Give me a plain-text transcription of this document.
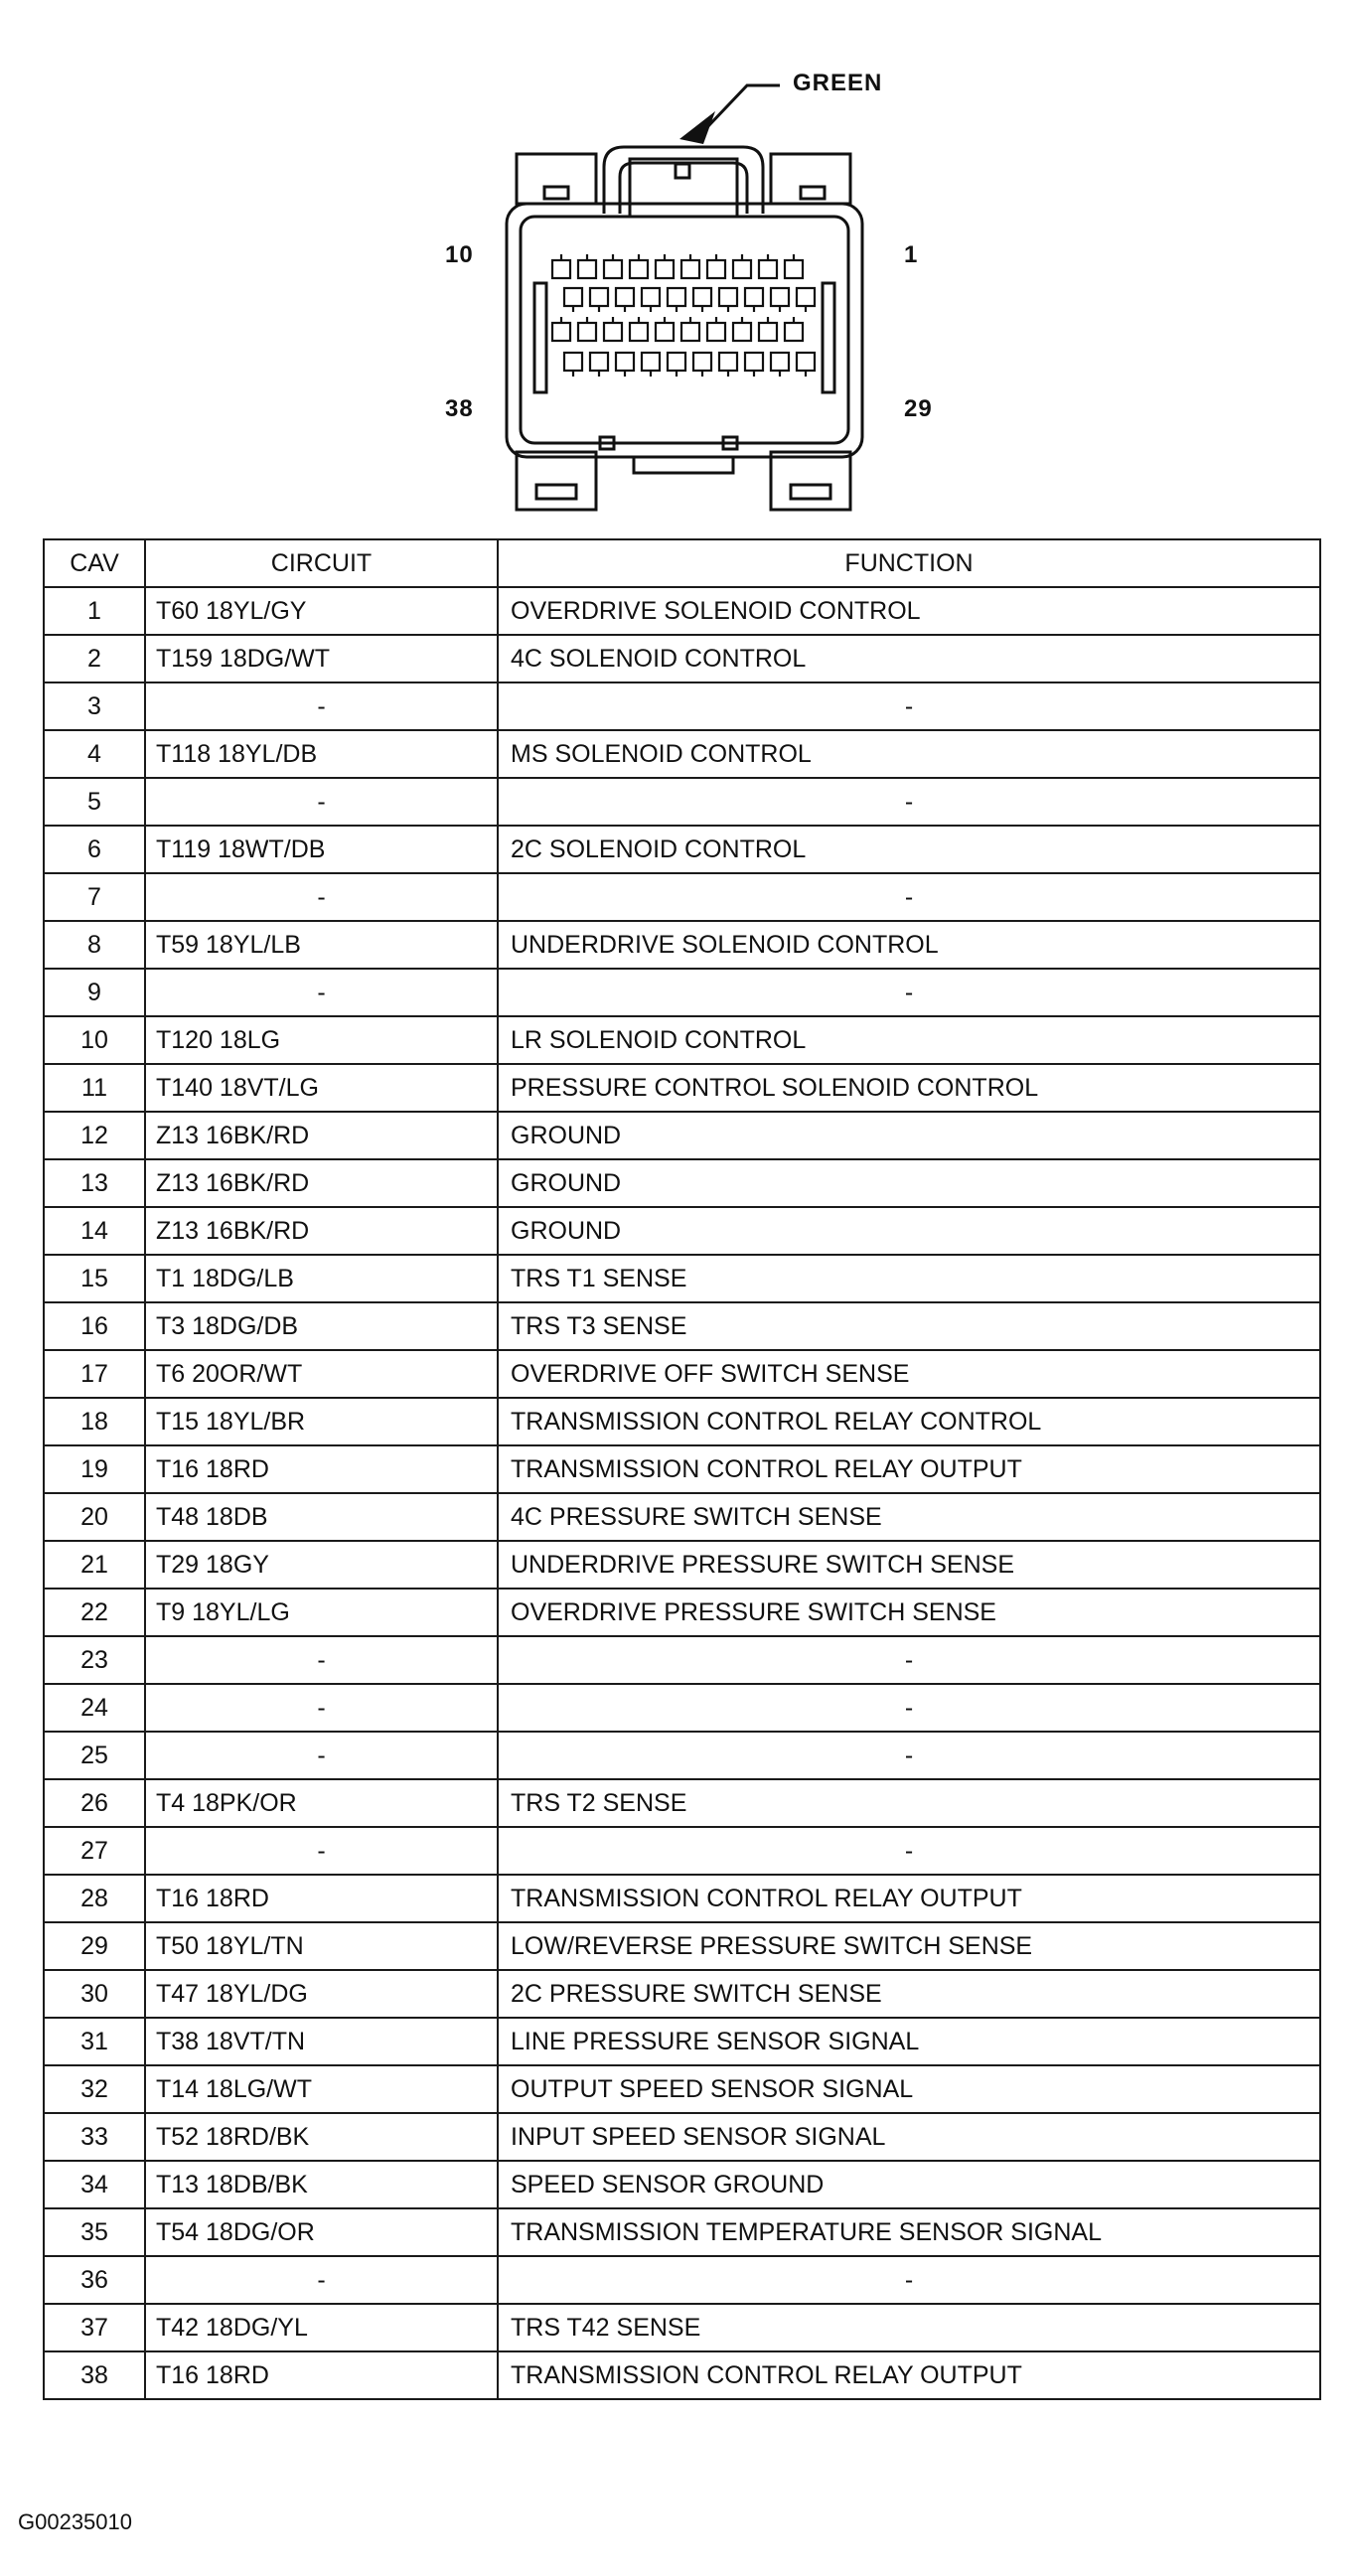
GREEN
10	1
38	29
CAV	CIRCUIT	FUNCTION
1	T60 18YL/GY	OVERDRIVE SOLENOID CONTROL
2	T159 18DG/WT	4C SOLENOID CONTROL
3	-	-
4	T118 18YL/DB	MS SOLENOID CONTROL
5	-	-
6	T119 18WT/DB	2C SOLENOID CONTROL
7	-	-
8	T59 18YL/LB	UNDERDRIVE SOLENOID CONTROL
9	-	-
10	T120 18LG	LR SOLENOID CONTROL
11	T140 18VT/LG	PRESSURE CONTROL SOLENOID CONTROL
12	Z13 16BK/RD	GROUND
13	Z13 16BK/RD	GROUND
14	Z13 16BK/RD	GROUND
15	T1 18DG/LB	TRS T1 SENSE
16	T3 18DG/DB	TRS T3 SENSE
17	T6 20OR/WT	OVERDRIVE OFF SWITCH SENSE
18	T15 18YL/BR	TRANSMISSION CONTROL RELAY CONTROL
19	T16 18RD	TRANSMISSION CONTROL RELAY OUTPUT
20	T48 18DB	4C PRESSURE SWITCH SENSE
21	T29 18GY	UNDERDRIVE PRESSURE SWITCH SENSE
22	T9 18YL/LG	OVERDRIVE PRESSURE SWITCH SENSE
23	-	-
24	-	-
25	-	-
26	T4 18PK/OR	TRS T2 SENSE
27	-	-
28	T16 18RD	TRANSMISSION CONTROL RELAY OUTPUT
29	T50 18YL/TN	LOW/REVERSE PRESSURE SWITCH SENSE
30	T47 18YL/DG	2C PRESSURE SWITCH SENSE
31	T38 18VT/TN	LINE PRESSURE SENSOR SIGNAL
32	T14 18LG/WT	OUTPUT SPEED SENSOR SIGNAL
33	T52 18RD/BK	INPUT SPEED SENSOR SIGNAL
34	T13 18DB/BK	SPEED SENSOR GROUND
35	T54 18DG/OR	TRANSMISSION TEMPERATURE SENSOR SIGNAL
36	-	-
37	T42 18DG/YL	TRS T42 SENSE
38	T16 18RD	TRANSMISSION CONTROL RELAY OUTPUT
G00235010
